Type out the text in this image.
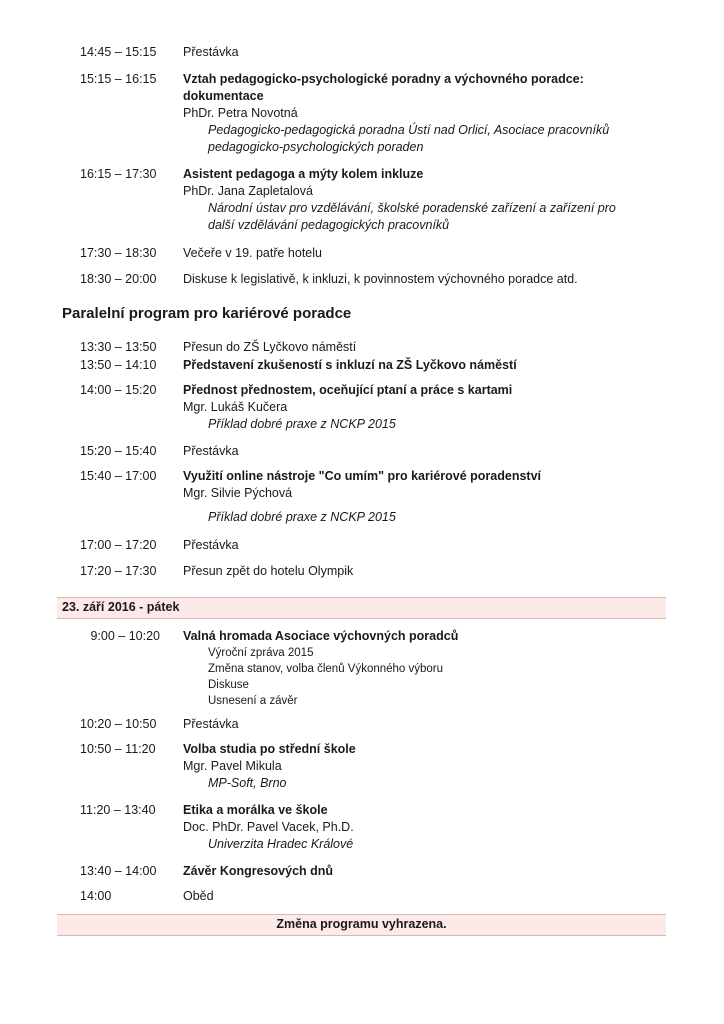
14:45 – 15:15	Přestávka
15:15 – 16:15	Vztah pedagogicko-psychologické poradny a výchovného poradce:
dokumentace
PhDr. Petra Novotná
Pedagogicko-pedagogická poradna Ústí nad Orlicí, Asociace pracovníků
pedagogicko-psychologických poraden
16:15 – 17:30	Asistent pedagoga a mýty kolem inkluze
PhDr. Jana Zapletalová
Národní ústav pro vzdělávání, školské poradenské zařízení a zařízení pro
další vzdělávání pedagogických pracovníků
17:30 – 18:30	Večeře v 19. patře hotelu
18:30 – 20:00	Diskuse k legislativě, k inkluzi, k povinnostem výchovného poradce atd.
Paralelní program pro kariérové poradce
13:30 – 13:50	Přesun do ZŠ Lyčkovo náměstí
13:50 – 14:10	Představení zkušeností s inkluzí na ZŠ Lyčkovo náměstí
14:00 – 15:20	Přednost přednostem, oceňující ptaní a práce s kartami
Mgr. Lukáš Kučera
Příklad dobré praxe z NCKP 2015
15:20 – 15:40	Přestávka
15:40 – 17:00	Využití online nástroje "Co umím" pro kariérové poradenství
Mgr. Silvie Pýchová
Příklad dobré praxe z NCKP 2015
17:00 – 17:20	Přestávka
17:20 – 17:30	Přesun zpět do hotelu Olympik
23. září 2016 - pátek
9:00 – 10:20 Valná hromada Asociace výchovných poradců
Výroční zpráva 2015
Změna stanov, volba členů Výkonného výboru
Diskuse
Usnesení a závěr
10:20 – 10:50	Přestávka
10:50 – 11:20	Volba studia po střední škole
Mgr. Pavel Mikula
MP-Soft, Brno
11:20 – 13:40	Etika a morálka ve škole
Doc. PhDr. Pavel Vacek, Ph.D.
Univerzita Hradec Králové
13:40 – 14:00	Závěr Kongresových dnů
14:00	Oběd
Změna programu vyhrazena.
